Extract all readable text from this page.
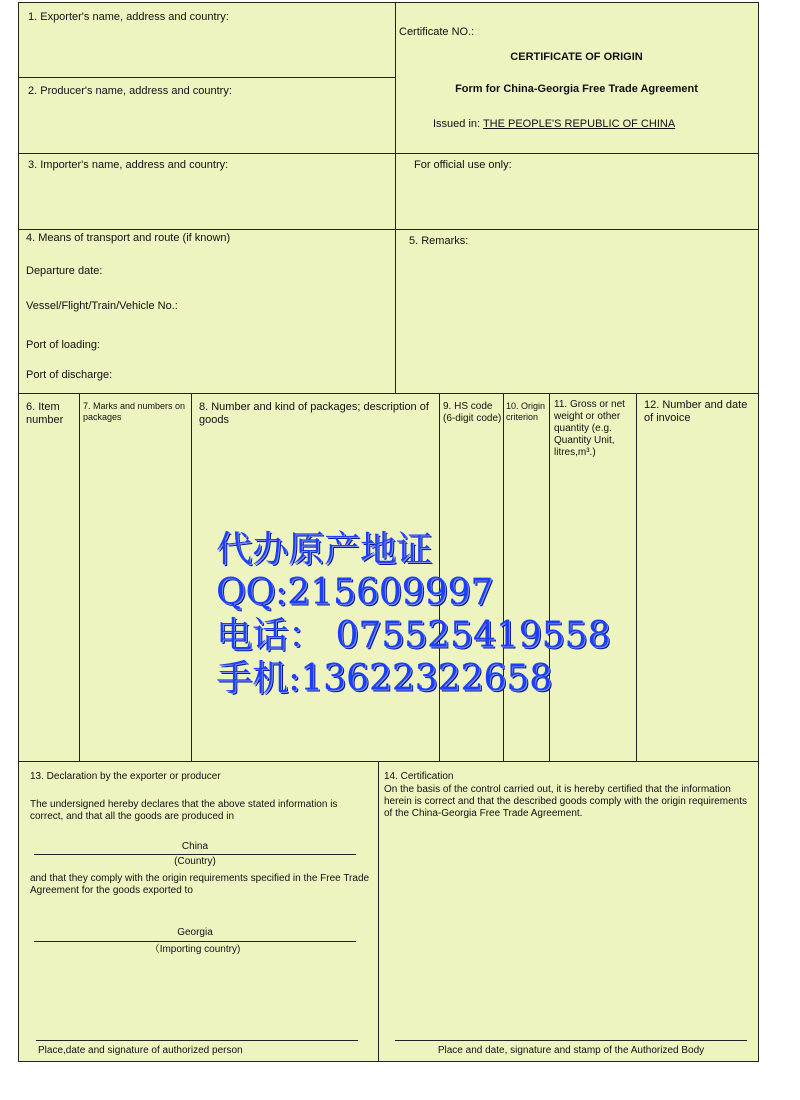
1. Exporter's name, address and country:
2. Producer's name, address and country:
3. Importer's name, address and country:
4. Means of transport and route (if known)
Departure date:
Vessel/Flight/Train/Vehicle No.:
Port of loading:
Port of discharge:
Certificate NO.:
CERTIFICATE OF ORIGIN
Form for China-Georgia Free Trade Agreement
Issued in: THE PEOPLE'S REPUBLIC OF CHINA
For official use only:
5. Remarks:
6. Item number
7. Marks and numbers on packages
8. Number and kind of packages; description of goods
9. HS code (6-digit code)
10. Origin criterion
11. Gross or net weight or other quantity (e.g. Quantity Unit, litres,m³.)
12. Number and date of invoice
13. Declaration by the exporter or producer
The undersigned hereby declares that the above stated information is correct, and that all the goods are produced in
China
(Country)
and that they comply with the origin requirements specified in the Free Trade Agreement for the goods exported to
Georgia
（Importing country)
Place,date and signature of authorized person
14. Certification
On the basis of the control carried out, it is hereby certified that the information herein is correct and that the described goods comply with the origin requirements of the China-Georgia Free Trade Agreement.
Place and date, signature and stamp of the Authorized Body
代办原产地证
QQ:215609997
电话： 075525419558
手机:13622322658
